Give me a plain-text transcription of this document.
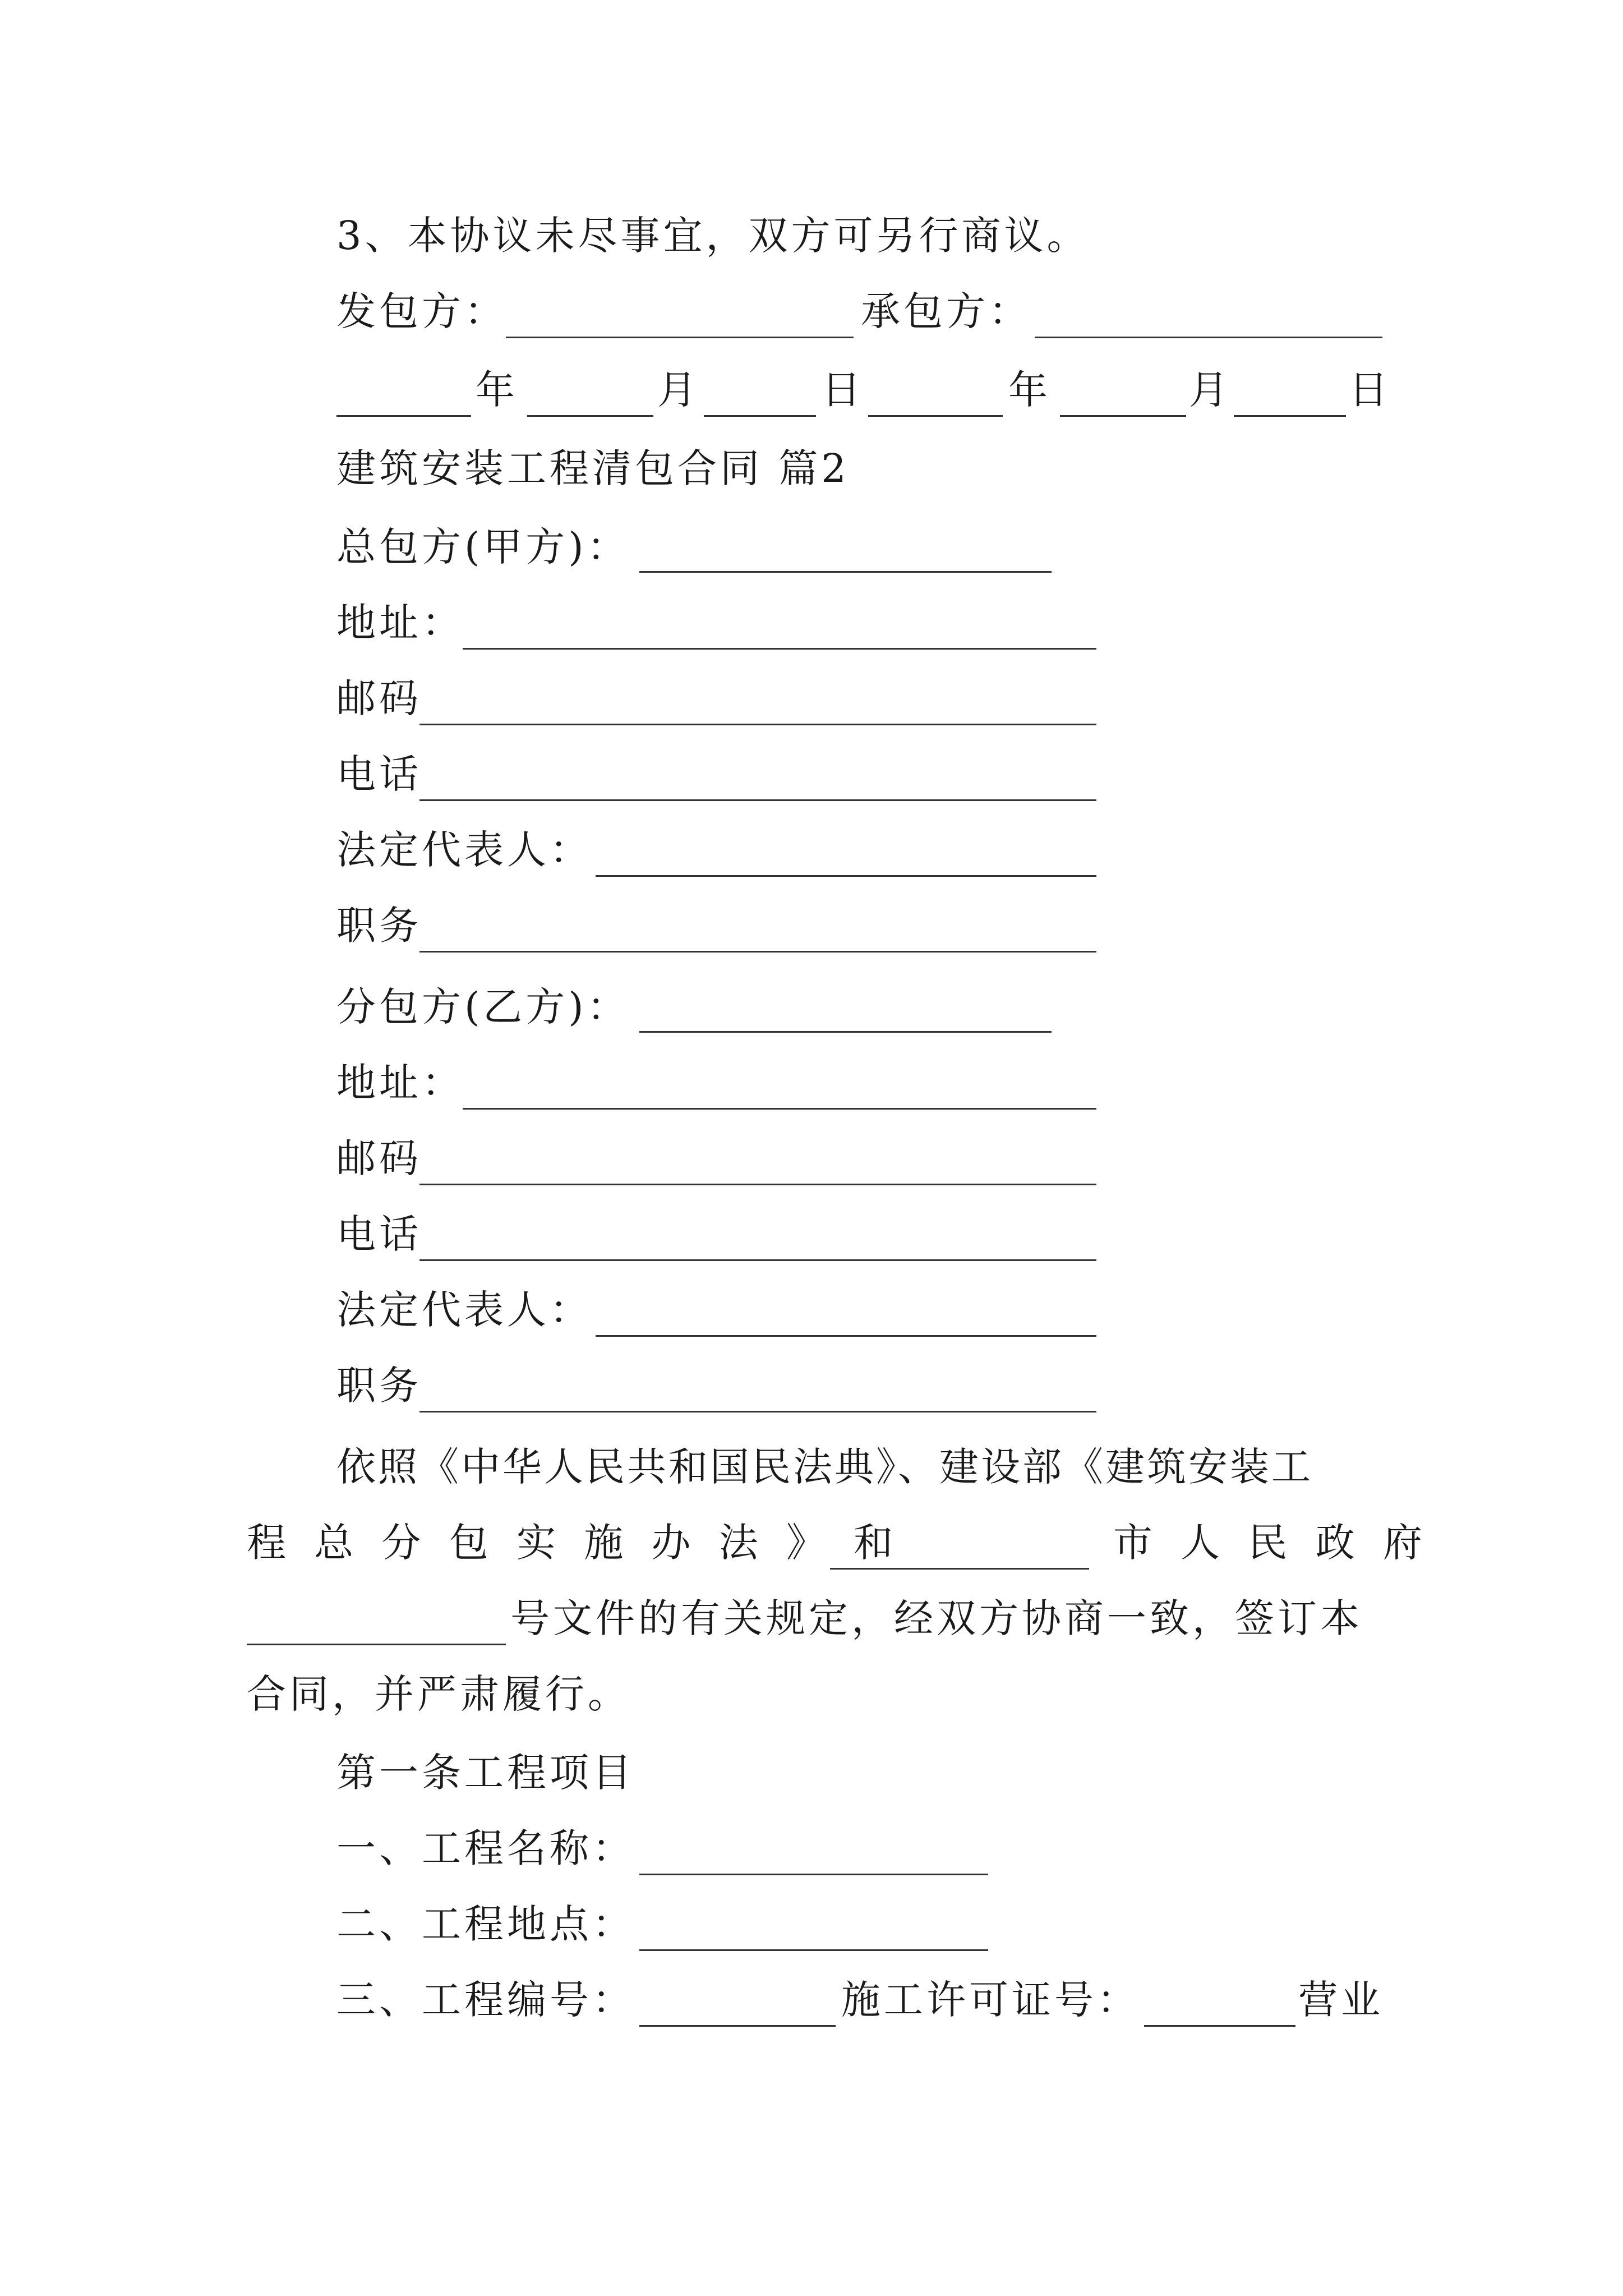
3、本协议未尽事宜，双方可另行商议。
发包方：	承包方：
年	月	日	年	月	日
建筑安装工程清包合同 篇2
总包方(甲方)：
地址：
邮码
电话
法定代表人：
职务
分包方(乙方)：
地址：
邮码
电话
法定代表人：
职务
依照《中华人民共和国民法典》、建设部《建筑安装工
程 总 分 包 实 施 办 法 》 和	市 人 民 政 府
号文件的有关规定，经双方协商一致，签订本
合同，并严肃履行。
第一条工程项目
一、工程名称：
二、工程地点：
三、工程编号：	施工许可证号：	营业
